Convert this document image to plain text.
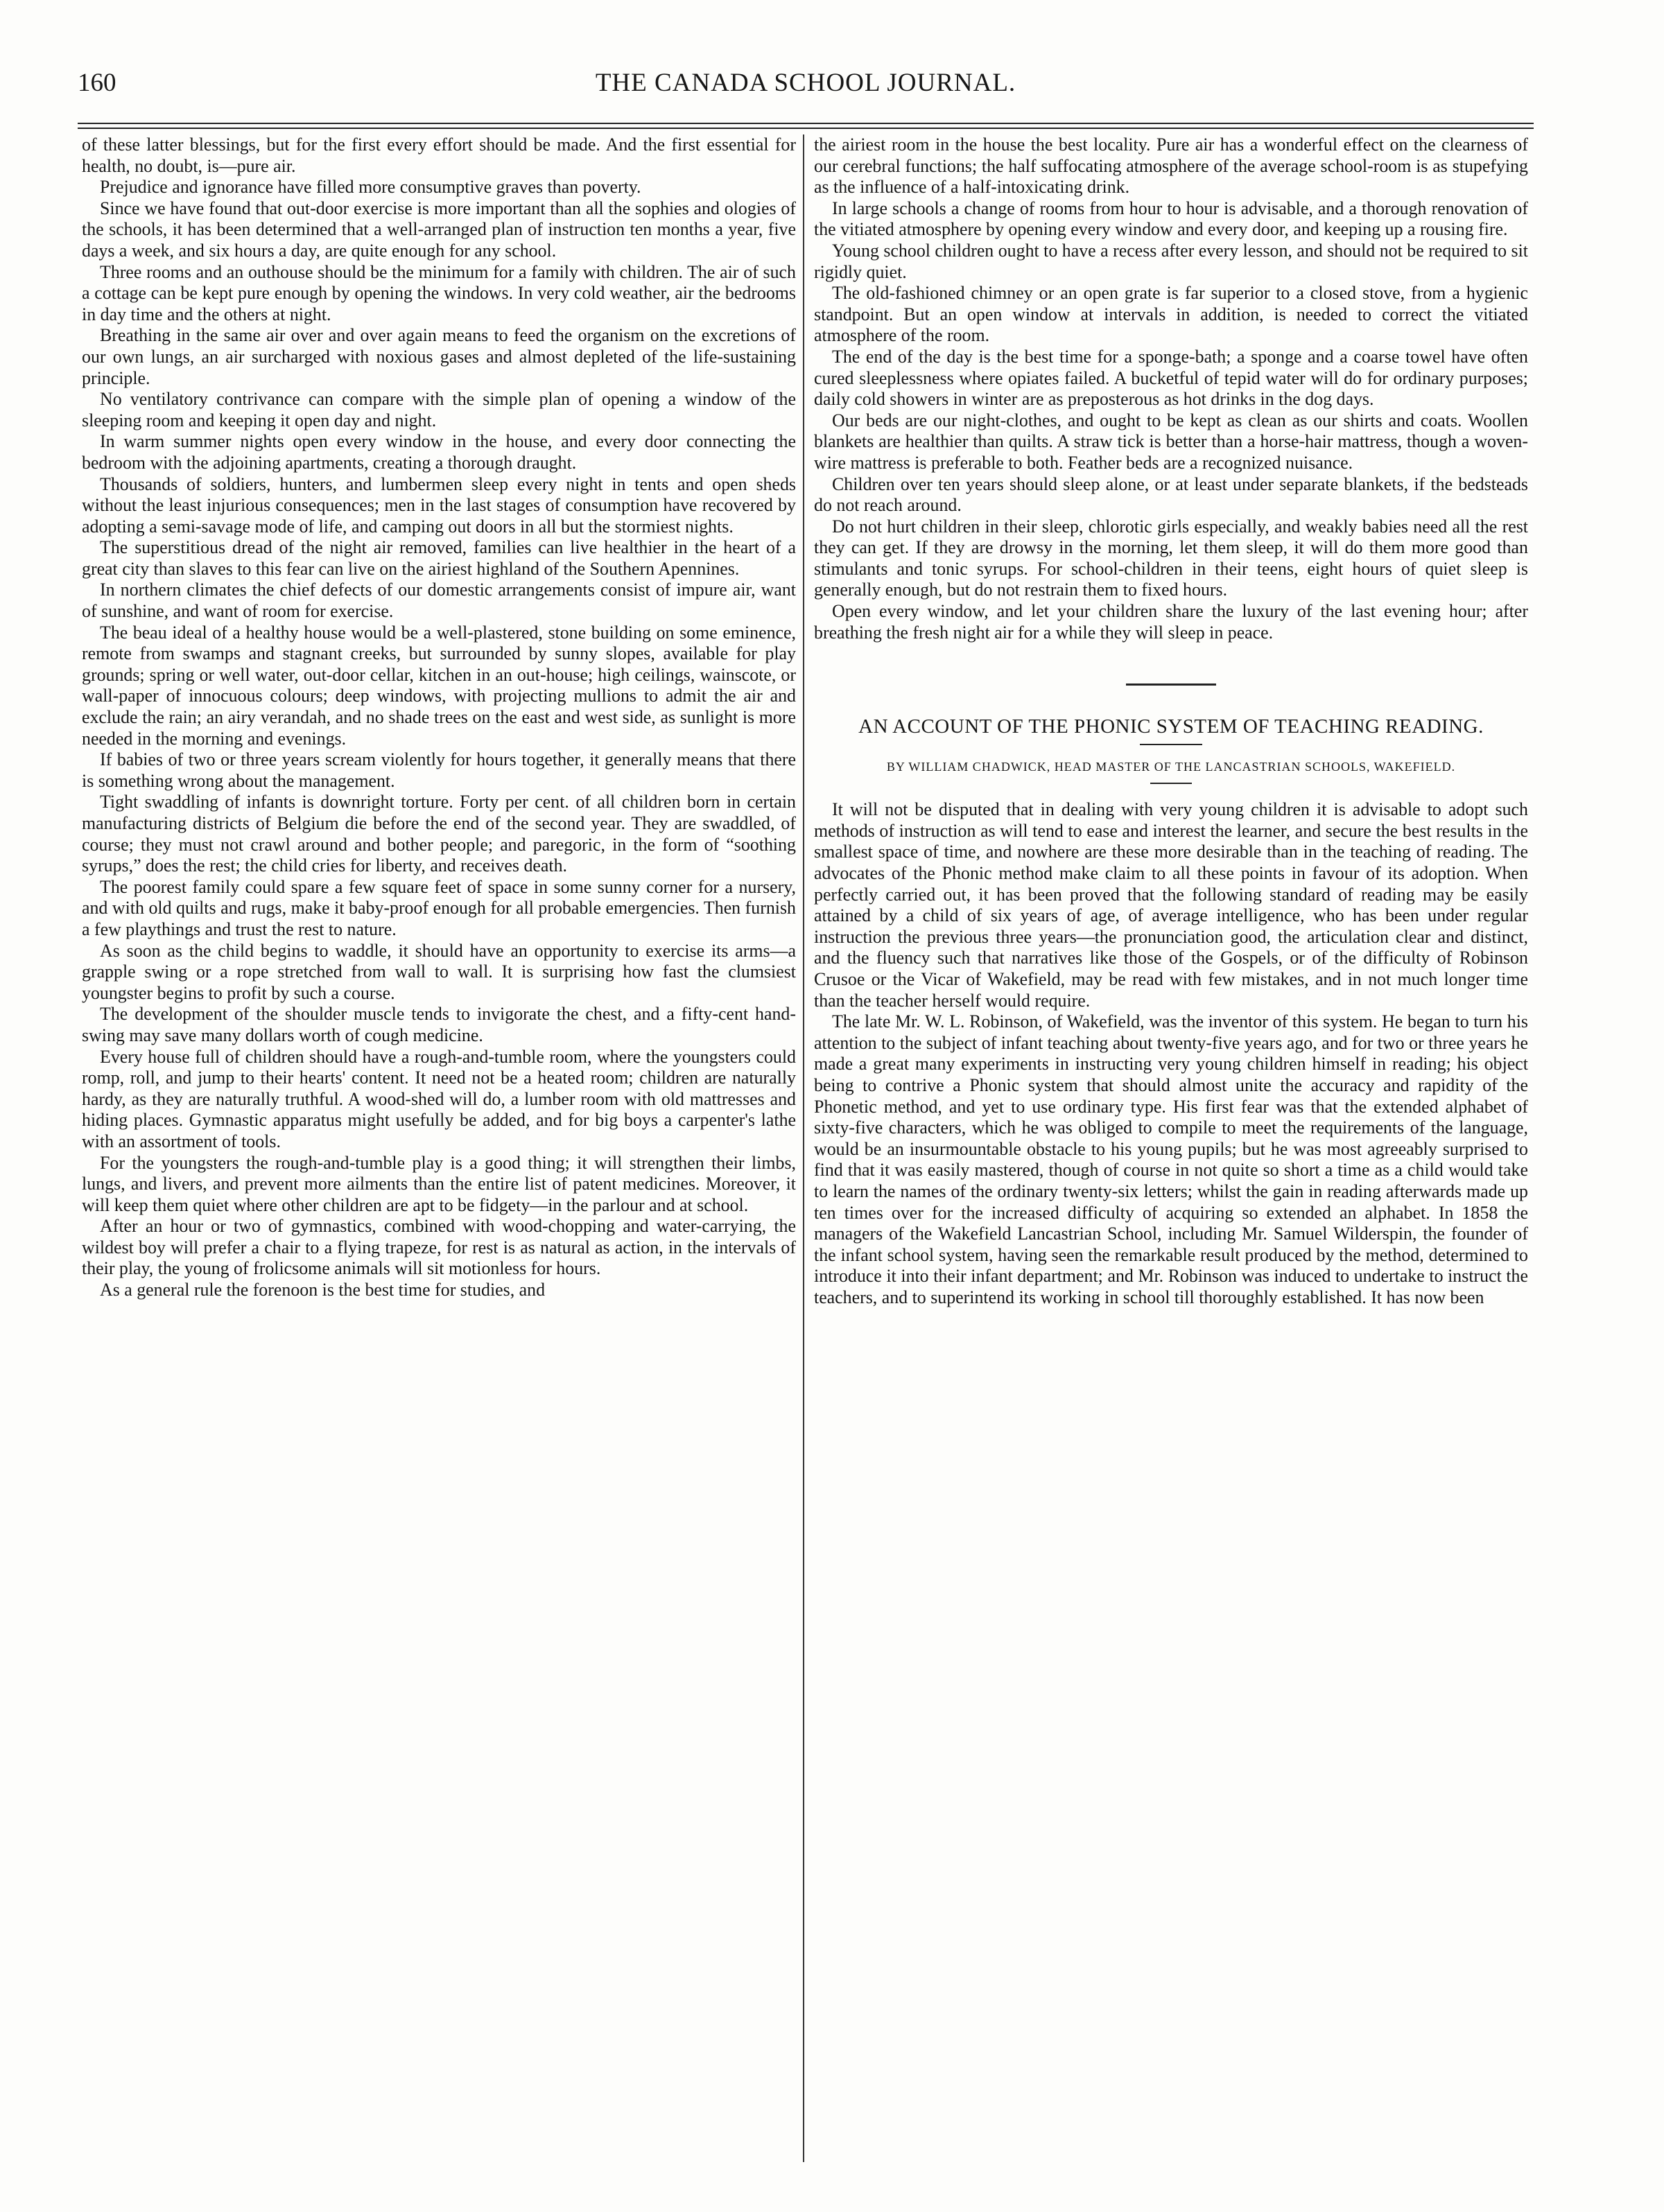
160	THE CANADA SCHOOL JOURNAL.

of these latter blessings, but for the first every effort should be made. And the first essential for health, no doubt, is—pure air.

Prejudice and ignorance have filled more consumptive graves than poverty.

Since we have found that out-door exercise is more important than all the sophies and ologies of the schools, it has been determined that a well-arranged plan of instruction ten months a year, five days a week, and six hours a day, are quite enough for any school.

Three rooms and an outhouse should be the minimum for a family with children. The air of such a cottage can be kept pure enough by opening the windows. In very cold weather, air the bedrooms in day time and the others at night.

Breathing in the same air over and over again means to feed the organism on the excretions of our own lungs, an air surcharged with noxious gases and almost depleted of the life-sustaining principle.

No ventilatory contrivance can compare with the simple plan of opening a window of the sleeping room and keeping it open day and night.

In warm summer nights open every window in the house, and every door connecting the bedroom with the adjoining apartments, creating a thorough draught.

Thousands of soldiers, hunters, and lumbermen sleep every night in tents and open sheds without the least injurious consequences; men in the last stages of consumption have recovered by adopting a semi-savage mode of life, and camping out doors in all but the stormiest nights.

The superstitious dread of the night air removed, families can live healthier in the heart of a great city than slaves to this fear can live on the airiest highland of the Southern Apennines.

In northern climates the chief defects of our domestic arrangements consist of impure air, want of sunshine, and want of room for exercise.

The beau ideal of a healthy house would be a well-plastered, stone building on some eminence, remote from swamps and stagnant creeks, but surrounded by sunny slopes, available for play grounds; spring or well water, out-door cellar, kitchen in an out-house; high ceilings, wainscote, or wall-paper of innocuous colours; deep windows, with projecting mullions to admit the air and exclude the rain; an airy verandah, and no shade trees on the east and west side, as sunlight is more needed in the morning and evenings.

If babies of two or three years scream violently for hours together, it generally means that there is something wrong about the management.

Tight swaddling of infants is downright torture. Forty per cent. of all children born in certain manufacturing districts of Belgium die before the end of the second year. They are swaddled, of course; they must not crawl around and bother people; and paregoric, in the form of “soothing syrups,” does the rest; the child cries for liberty, and receives death.

The poorest family could spare a few square feet of space in some sunny corner for a nursery, and with old quilts and rugs, make it baby-proof enough for all probable emergencies. Then furnish a few playthings and trust the rest to nature.

As soon as the child begins to waddle, it should have an opportunity to exercise its arms—a grapple swing or a rope stretched from wall to wall. It is surprising how fast the clumsiest youngster begins to profit by such a course.

The development of the shoulder muscle tends to invigorate the chest, and a fifty-cent hand-swing may save many dollars worth of cough medicine.

Every house full of children should have a rough-and-tumble room, where the youngsters could romp, roll, and jump to their hearts' content. It need not be a heated room; children are naturally hardy, as they are naturally truthful. A wood-shed will do, a lumber room with old mattresses and hiding places. Gymnastic apparatus might usefully be added, and for big boys a carpenter's lathe with an assortment of tools.

For the youngsters the rough-and-tumble play is a good thing; it will strengthen their limbs, lungs, and livers, and prevent more ailments than the entire list of patent medicines. Moreover, it will keep them quiet where other children are apt to be fidgety—in the parlour and at school.

After an hour or two of gymnastics, combined with wood-chopping and water-carrying, the wildest boy will prefer a chair to a flying trapeze, for rest is as natural as action, in the intervals of their play, the young of frolicsome animals will sit motionless for hours.

As a general rule the forenoon is the best time for studies, and

the airiest room in the house the best locality. Pure air has a wonderful effect on the clearness of our cerebral functions; the half suffocating atmosphere of the average school-room is as stupefying as the influence of a half-intoxicating drink.

In large schools a change of rooms from hour to hour is advisable, and a thorough renovation of the vitiated atmosphere by opening every window and every door, and keeping up a rousing fire.

Young school children ought to have a recess after every lesson, and should not be required to sit rigidly quiet.

The old-fashioned chimney or an open grate is far superior to a closed stove, from a hygienic standpoint. But an open window at intervals in addition, is needed to correct the vitiated atmosphere of the room.

The end of the day is the best time for a sponge-bath; a sponge and a coarse towel have often cured sleeplessness where opiates failed. A bucketful of tepid water will do for ordinary purposes; daily cold showers in winter are as preposterous as hot drinks in the dog days.

Our beds are our night-clothes, and ought to be kept as clean as our shirts and coats. Woollen blankets are healthier than quilts. A straw tick is better than a horse-hair mattress, though a woven-wire mattress is preferable to both. Feather beds are a recognized nuisance.

Children over ten years should sleep alone, or at least under separate blankets, if the bedsteads do not reach around.

Do not hurt children in their sleep, chlorotic girls especially, and weakly babies need all the rest they can get. If they are drowsy in the morning, let them sleep, it will do them more good than stimulants and tonic syrups. For school-children in their teens, eight hours of quiet sleep is generally enough, but do not restrain them to fixed hours.

Open every window, and let your children share the luxury of the last evening hour; after breathing the fresh night air for a while they will sleep in peace.

AN ACCOUNT OF THE PHONIC SYSTEM OF TEACHING READING.
BY WILLIAM CHADWICK, HEAD MASTER OF THE LANCASTRIAN SCHOOLS, WAKEFIELD.

It will not be disputed that in dealing with very young children it is advisable to adopt such methods of instruction as will tend to ease and interest the learner, and secure the best results in the smallest space of time, and nowhere are these more desirable than in the teaching of reading. The advocates of the Phonic method make claim to all these points in favour of its adoption. When perfectly carried out, it has been proved that the following standard of reading may be easily attained by a child of six years of age, of average intelligence, who has been under regular instruction the previous three years—the pronunciation good, the articulation clear and distinct, and the fluency such that narratives like those of the Gospels, or of the difficulty of Robinson Crusoe or the Vicar of Wakefield, may be read with few mistakes, and in not much longer time than the teacher herself would require.

The late Mr. W. L. Robinson, of Wakefield, was the inventor of this system. He began to turn his attention to the subject of infant teaching about twenty-five years ago, and for two or three years he made a great many experiments in instructing very young children himself in reading; his object being to contrive a Phonic system that should almost unite the accuracy and rapidity of the Phonetic method, and yet to use ordinary type. His first fear was that the extended alphabet of sixty-five characters, which he was obliged to compile to meet the requirements of the language, would be an insurmountable obstacle to his young pupils; but he was most agreeably surprised to find that it was easily mastered, though of course in not quite so short a time as a child would take to learn the names of the ordinary twenty-six letters; whilst the gain in reading afterwards made up ten times over for the increased difficulty of acquiring so extended an alphabet. In 1858 the managers of the Wakefield Lancastrian School, including Mr. Samuel Wilderspin, the founder of the infant school system, having seen the remarkable result produced by the method, determined to introduce it into their infant department; and Mr. Robinson was induced to undertake to instruct the teachers, and to superintend its working in school till thoroughly established. It has now been
